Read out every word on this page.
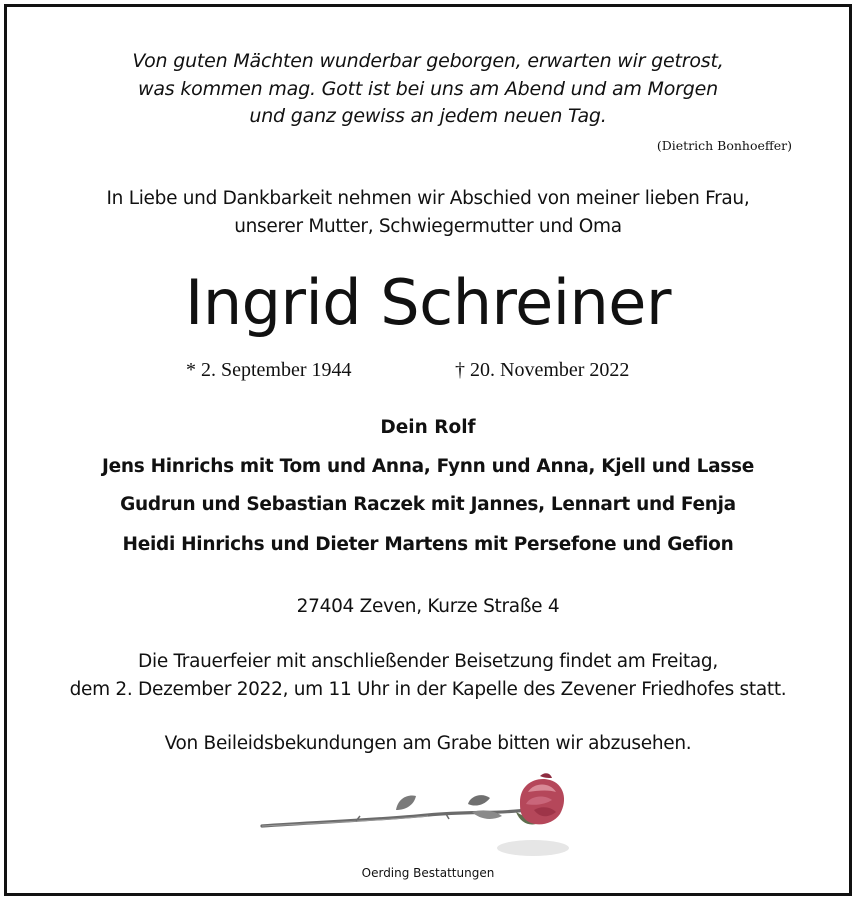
Von guten Mächten wunderbar geborgen, erwarten wir getrost,
was kommen mag. Gott ist bei uns am Abend und am Morgen
und ganz gewiss an jedem neuen Tag.
(Dietrich Bonhoeffer)
In Liebe und Dankbarkeit nehmen wir Abschied von meiner lieben Frau,
unserer Mutter, Schwiegermutter und Oma
Ingrid Schreiner
* 2. September 1944	† 20. November 2022
Dein Rolf
Jens Hinrichs mit Tom und Anna, Fynn und Anna, Kjell und Lasse
Gudrun und Sebastian Raczek mit Jannes, Lennart und Fenja
Heidi Hinrichs und Dieter Martens mit Persefone und Gefion
27404 Zeven, Kurze Straße 4
Die Trauerfeier mit anschließender Beisetzung findet am Freitag,
dem 2. Dezember 2022, um 11 Uhr in der Kapelle des Zevener Friedhofes statt.
Von Beileidsbekundungen am Grabe bitten wir abzusehen.
Oerding Bestattungen
